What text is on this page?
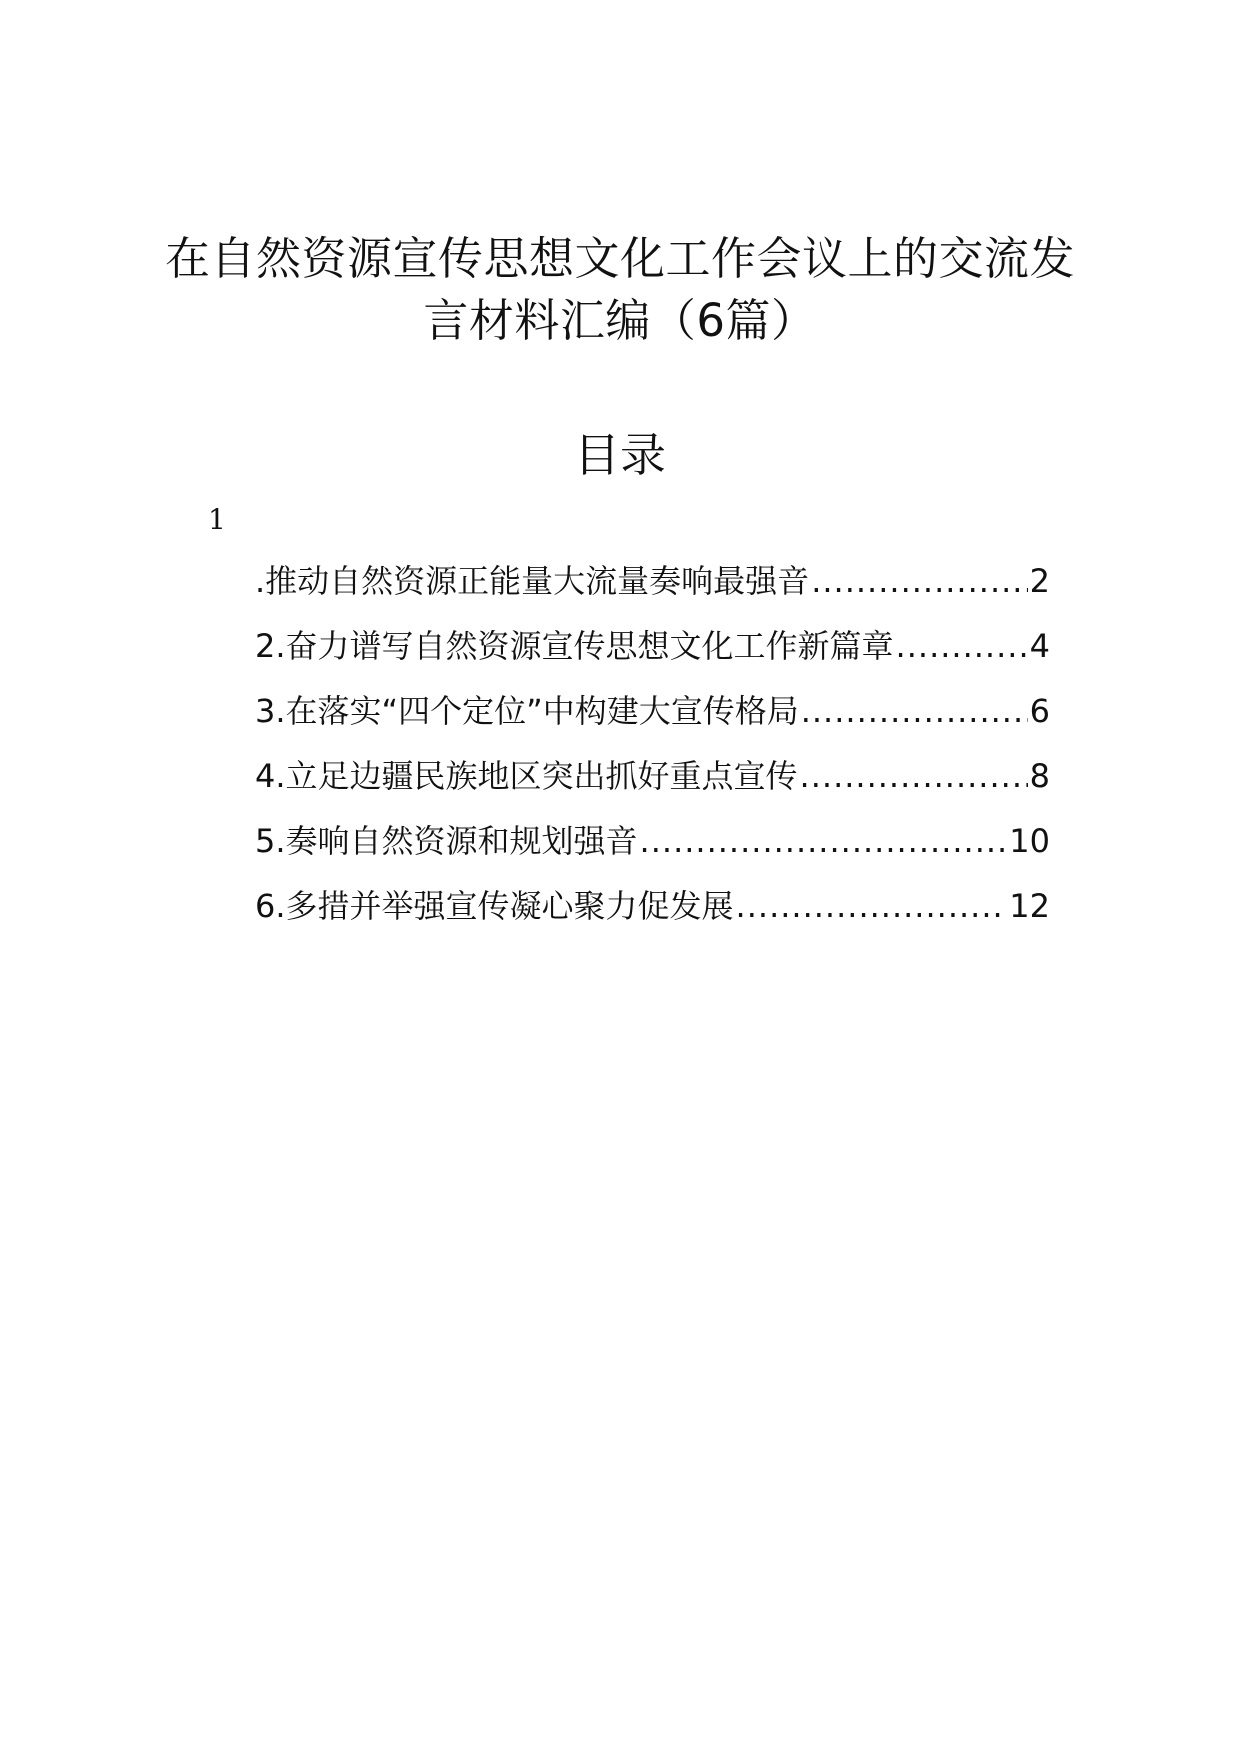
在自然资源宣传思想文化工作会议上的交流发言材料汇编（6篇）
目录
1
.推动自然资源正能量大流量奏响最强音 .....	2
2.奋力谱写自然资源宣传思想文化工作新篇章 .....	4
3.在落实“四个定位”中构建大宣传格局 .....	6
4.立足边疆民族地区突出抓好重点宣传 .....	8
5.奏响自然资源和规划强音 .....	10
6.多措并举强宣传凝心聚力促发展 .....	12
